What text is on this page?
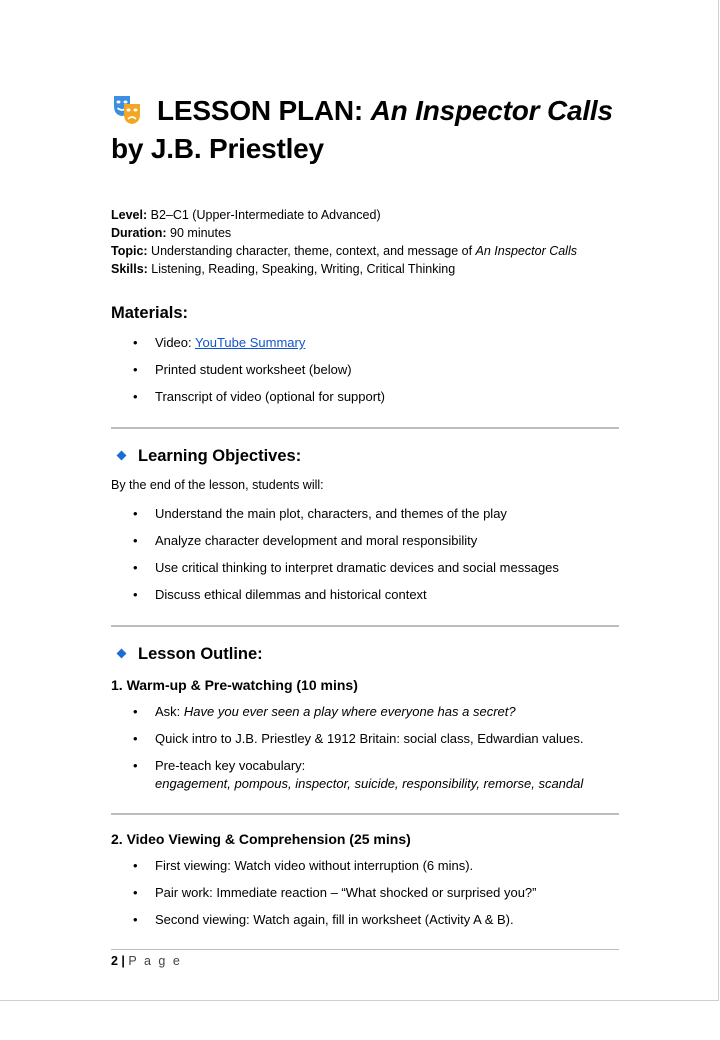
LESSON PLAN: An Inspector Calls
by J.B. Priestley
Level: B2–C1 (Upper-Intermediate to Advanced)
Duration: 90 minutes
Topic: Understanding character, theme, context, and message of An Inspector Calls
Skills: Listening, Reading, Speaking, Writing, Critical Thinking
Materials:
• Video: YouTube Summary
• Printed student worksheet (below)
• Transcript of video (optional for support)
Learning Objectives:
By the end of the lesson, students will:
• Understand the main plot, characters, and themes of the play
• Analyze character development and moral responsibility
• Use critical thinking to interpret dramatic devices and social messages
• Discuss ethical dilemmas and historical context
Lesson Outline:
1. Warm-up & Pre-watching (10 mins)
• Ask: Have you ever seen a play where everyone has a secret?
• Quick intro to J.B. Priestley & 1912 Britain: social class, Edwardian values.
• Pre-teach key vocabulary:
engagement, pompous, inspector, suicide, responsibility, remorse, scandal
2. Video Viewing & Comprehension (25 mins)
• First viewing: Watch video without interruption (6 mins).
• Pair work: Immediate reaction – “What shocked or surprised you?”
• Second viewing: Watch again, fill in worksheet (Activity A & B).
2 | P a g e
